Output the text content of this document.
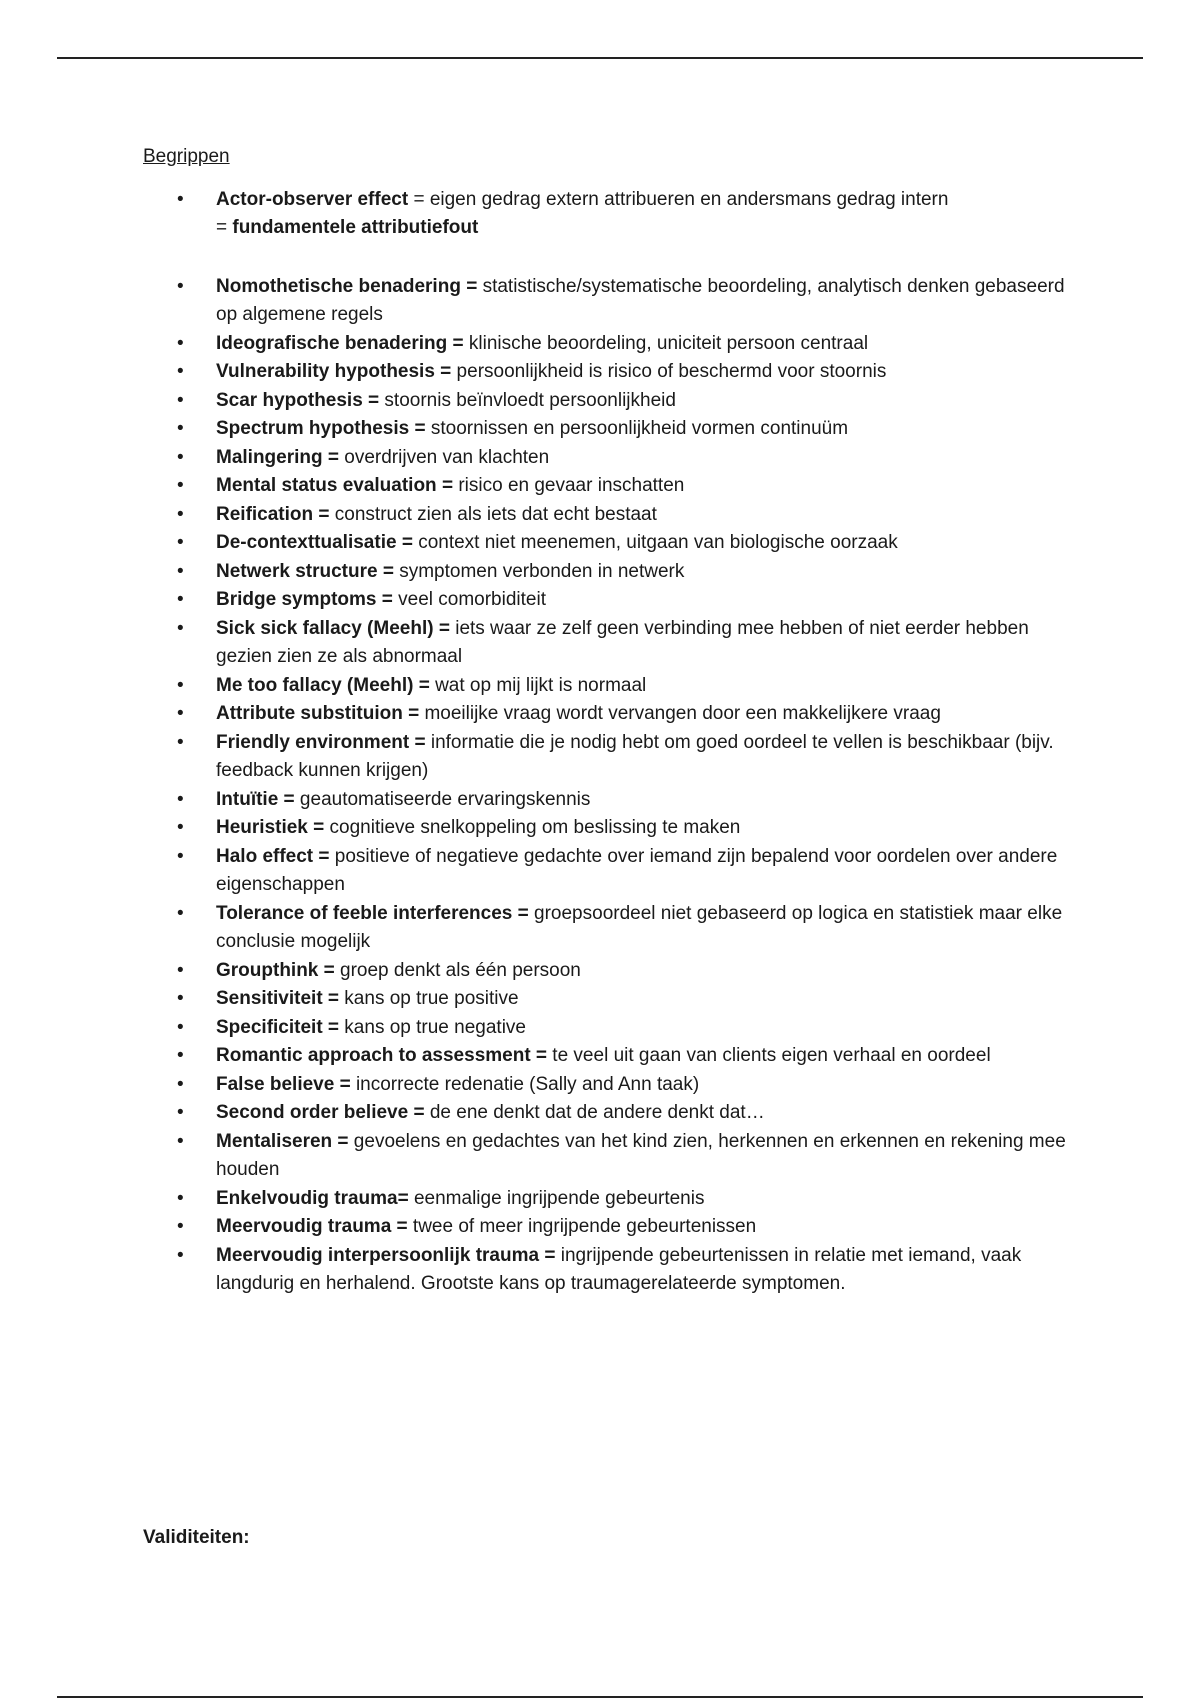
Begrippen
• Actor-observer effect = eigen gedrag extern attribueren en andersmans gedrag intern
= fundamentele attributiefout
• Nomothetische benadering = statistische/systematische beoordeling, analytisch denken gebaseerd op algemene regels
• Ideografische benadering = klinische beoordeling, uniciteit persoon centraal
• Vulnerability hypothesis = persoonlijkheid is risico of beschermd voor stoornis
• Scar hypothesis = stoornis beïnvloedt persoonlijkheid
• Spectrum hypothesis = stoornissen en persoonlijkheid vormen continuüm
• Malingering = overdrijven van klachten
• Mental status evaluation = risico en gevaar inschatten
• Reification = construct zien als iets dat echt bestaat
• De-contexttualisatie = context niet meenemen, uitgaan van biologische oorzaak
• Netwerk structure = symptomen verbonden in netwerk
• Bridge symptoms = veel comorbiditeit
• Sick sick fallacy (Meehl) = iets waar ze zelf geen verbinding mee hebben of niet eerder hebben gezien zien ze als abnormaal
• Me too fallacy (Meehl) = wat op mij lijkt is normaal
• Attribute substituion = moeilijke vraag wordt vervangen door een makkelijkere vraag
• Friendly environment = informatie die je nodig hebt om goed oordeel te vellen is beschikbaar (bijv. feedback kunnen krijgen)
• Intuïtie = geautomatiseerde ervaringskennis
• Heuristiek = cognitieve snelkoppeling om beslissing te maken
• Halo effect = positieve of negatieve gedachte over iemand zijn bepalend voor oordelen over andere eigenschappen
• Tolerance of feeble interferences = groepsoordeel niet gebaseerd op logica en statistiek maar elke conclusie mogelijk
• Groupthink = groep denkt als één persoon
• Sensitiviteit = kans op true positive
• Specificiteit = kans op true negative
• Romantic approach to assessment = te veel uit gaan van clients eigen verhaal en oordeel
• False believe = incorrecte redenatie (Sally and Ann taak)
• Second order believe = de ene denkt dat de andere denkt dat…
• Mentaliseren = gevoelens en gedachtes van het kind zien, herkennen en erkennen en rekening mee houden
• Enkelvoudig trauma= eenmalige ingrijpende gebeurtenis
• Meervoudig trauma = twee of meer ingrijpende gebeurtenissen
• Meervoudig interpersoonlijk trauma = ingrijpende gebeurtenissen in relatie met iemand, vaak langdurig en herhalend. Grootste kans op traumagerelateerde symptomen.
Validiteiten:
